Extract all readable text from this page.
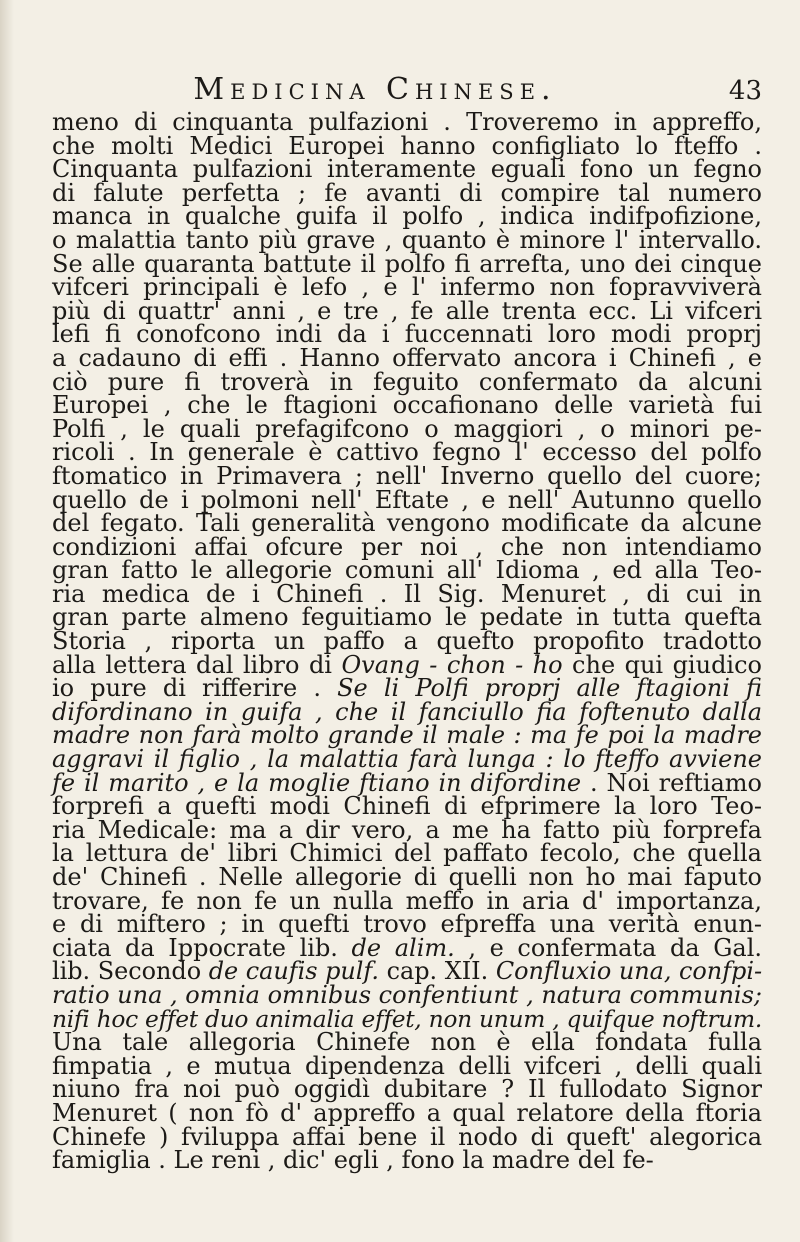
Medicina Chinese.	43
meno di cinquanta pulfazioni . Troveremo in appreffo,
che molti Medici Europei hanno configliato lo fteffo .
Cinquanta pulfazioni interamente eguali fono un fegno
di falute perfetta ; fe avanti di compire tal numero
manca in qualche guifa il polfo , indica indifpofizione,
o malattia tanto più grave , quanto è minore l' intervallo.
Se alle quaranta battute il polfo fi arrefta, uno dei cinque
vifceri principali è lefo , e l' infermo non fopravviverà
più di quattr' anni , e tre , fe alle trenta ecc. Li vifceri
lefi fi conofcono indi da i fuccennati loro modi proprj
a cadauno di effi . Hanno offervato ancora i Chinefi , e
ciò pure fi troverà in feguito confermato da alcuni
Europei , che le ftagioni occafionano delle varietà fui
Polfi , le quali prefagifcono o maggiori , o minori pe-
ricoli . In generale è cattivo fegno l' eccesso del polfo
ftomatico in Primavera ; nell' Inverno quello del cuore;
quello de i polmoni nell' Eftate , e nell' Autunno quello
del fegato. Tali generalità vengono modificate da alcune
condizioni affai ofcure per noi , che non intendiamo
gran fatto le allegorie comuni all' Idioma , ed alla Teo-
ria medica de i Chinefi . Il Sig. Menuret , di cui in
gran parte almeno feguitiamo le pedate in tutta quefta
Storia , riporta un paffo a quefto propofito tradotto
alla lettera dal libro di Ovang - chon - ho che qui giudico
io pure di rifferire . Se li Polfi proprj alle ftagioni fi
difordinano in guifa , che il fanciullo fia foftenuto dalla
madre non farà molto grande il male : ma fe poi la madre
aggravi il figlio , la malattia farà lunga : lo fteffo avviene
fe il marito , e la moglie ftiano in difordine . Noi reftiamo
forprefi a quefti modi Chinefi di efprimere la loro Teo-
ria Medicale: ma a dir vero, a me ha fatto più forprefa
la lettura de' libri Chimici del paffato fecolo, che quella
de' Chinefi . Nelle allegorie di quelli non ho mai faputo
trovare, fe non fe un nulla meffo in aria d' importanza,
e di miftero ; in quefti trovo efpreffa una verità enun-
ciata da Ippocrate lib. de alim. , e confermata da Gal.
lib. Secondo de caufis pulf. cap. XII. Confluxio una, confpi-
ratio una , omnia omnibus confentiunt , natura communis;
nifi hoc effet duo animalia effet, non unum , quifque noftrum.
Una tale allegoria Chinefe non è ella fondata fulla
fimpatia , e mutua dipendenza delli vifceri , delli quali
niuno fra noi può oggidì dubitare ? Il fullodato Signor
Menuret ( non fò d' appreffo a qual relatore della ftoria
Chinefe ) fviluppa affai bene il nodo di queft' alegorica
famiglia . Le reni , dic' egli , fono la madre del fe-
